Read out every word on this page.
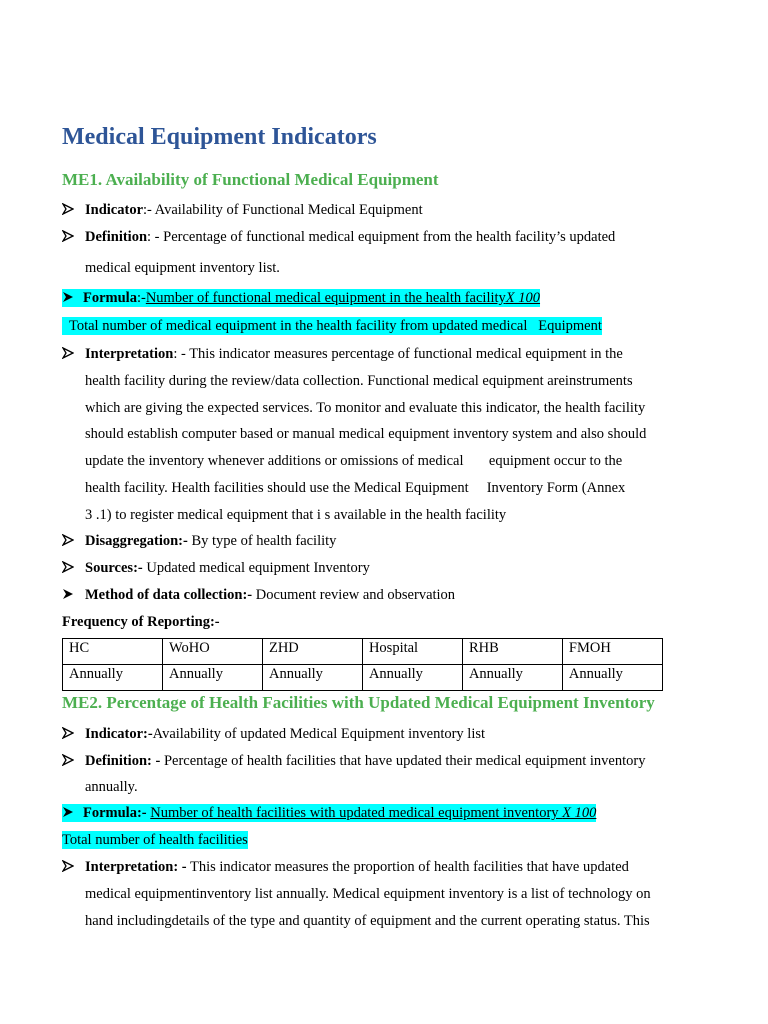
Medical Equipment Indicators
ME1. Availability of Functional Medical Equipment
Indicator:- Availability of Functional Medical Equipment
Definition: - Percentage of functional medical equipment from the health facility’s updated
medical equipment inventory list.
Formula:-Number of functional medical equipment in the health facilityX 100
Total number of medical equipment in the health facility from updated medical   Equipment
Interpretation: - This indicator measures percentage of functional medical equipment in the
health facility during the review/data collection. Functional medical equipment areinstruments
which are giving the expected services. To monitor and evaluate this indicator, the health facility
should establish computer based or manual medical equipment inventory system and also should
update the inventory whenever additions or omissions of medical       equipment occur to the
health facility. Health facilities should use the Medical Equipment     Inventory Form (Annex
3 .1) to register medical equipment that i s available in the health facility
Disaggregation:- By type of health facility
Sources:- Updated medical equipment Inventory
Method of data collection:- Document review and observation
Frequency of Reporting:-
HC	WoHO	ZHD	Hospital	RHB	FMOH
Annually	Annually	Annually	Annually	Annually	Annually
ME2. Percentage of Health Facilities with Updated Medical Equipment Inventory
Indicator:-Availability of updated Medical Equipment inventory list
Definition: - Percentage of health facilities that have updated their medical equipment inventory
annually.
Formula:- Number of health facilities with updated medical equipment inventory X 100
Total number of health facilities
Interpretation: - This indicator measures the proportion of health facilities that have updated
medical equipmentinventory list annually. Medical equipment inventory is a list of technology on
hand includingdetails of the type and quantity of equipment and the current operating status. This
